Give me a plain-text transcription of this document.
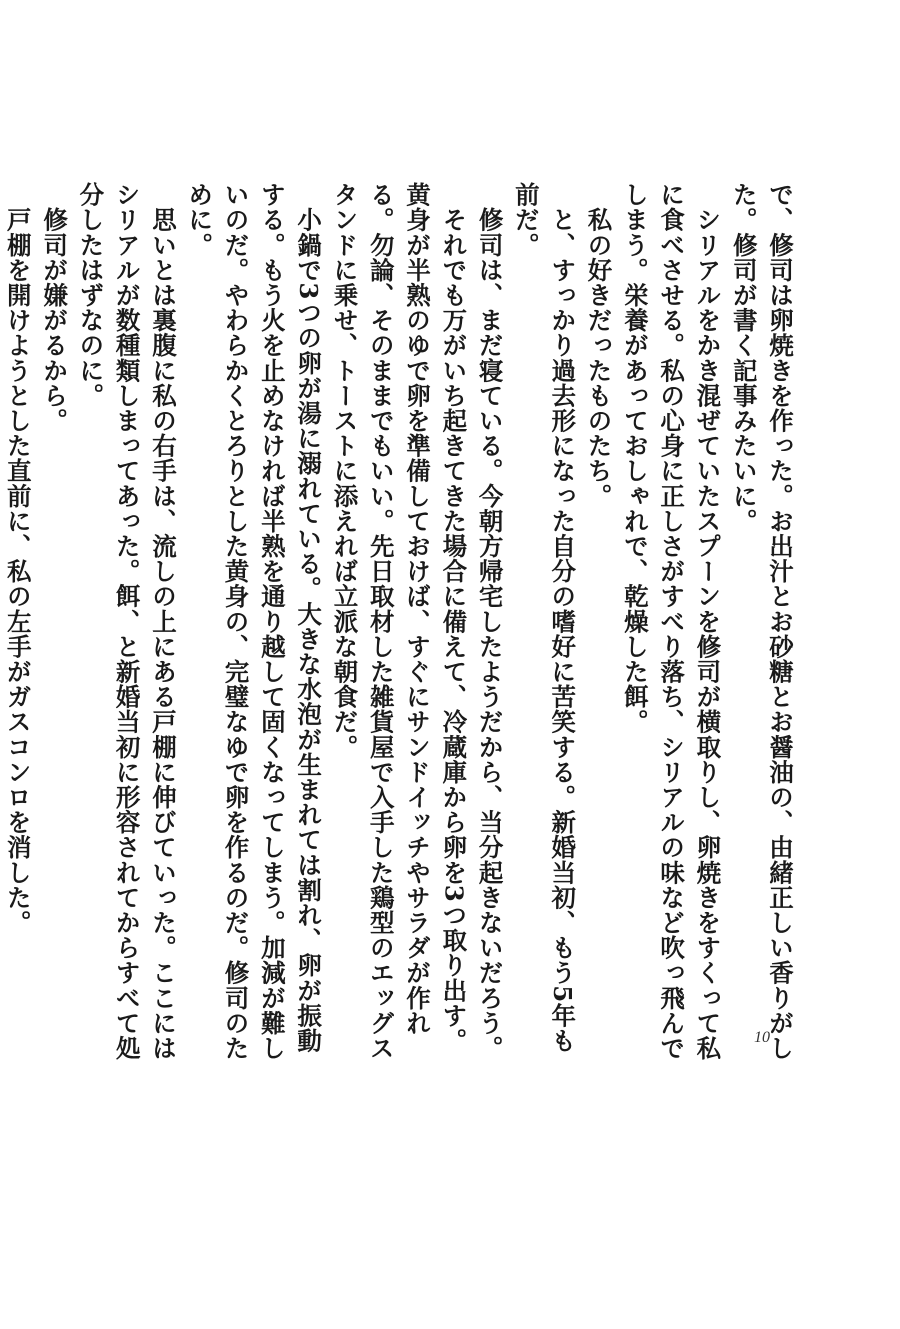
で、修司は卵焼きを作った。お出汁とお砂糖とお醤油の、由緒正しい香りがした。修司が書く記事みたいに。

　シリアルをかき混ぜていたスプーンを修司が横取りし、卵焼きをすくって私に食べさせる。私の心身に正しさがすべり落ち、シリアルの味など吹っ飛んでしまう。栄養があっておしゃれで、乾燥した餌。

　私の好きだったものたち。

　と、すっかり過去形になった自分の嗜好に苦笑する。新婚当初、もう5年も前だ。

　修司は、まだ寝ている。今朝方帰宅したようだから、当分起きないだろう。

　それでも万がいち起きてきた場合に備えて、冷蔵庫から卵を3つ取り出す。黄身が半熟のゆで卵を準備しておけば、すぐにサンドイッチやサラダが作れる。勿論、そのままでもいい。先日取材した雑貨屋で入手した鶏型のエッグスタンドに乗せ、トーストに添えれば立派な朝食だ。

　小鍋で3つの卵が湯に溺れている。大きな水泡が生まれては割れ、卵が振動する。もう火を止めなければ半熟を通り越して固くなってしまう。加減が難しいのだ。やわらかくとろりとした黄身の、完璧なゆで卵を作るのだ。修司のために。

　思いとは裏腹に私の右手は、流しの上にある戸棚に伸びていった。ここにはシリアルが数種類しまってあった。餌、と新婚当初に形容されてからすべて処分したはずなのに。

　修司が嫌がるから。

　戸棚を開けようとした直前に、私の左手がガスコンロを消した。

10
